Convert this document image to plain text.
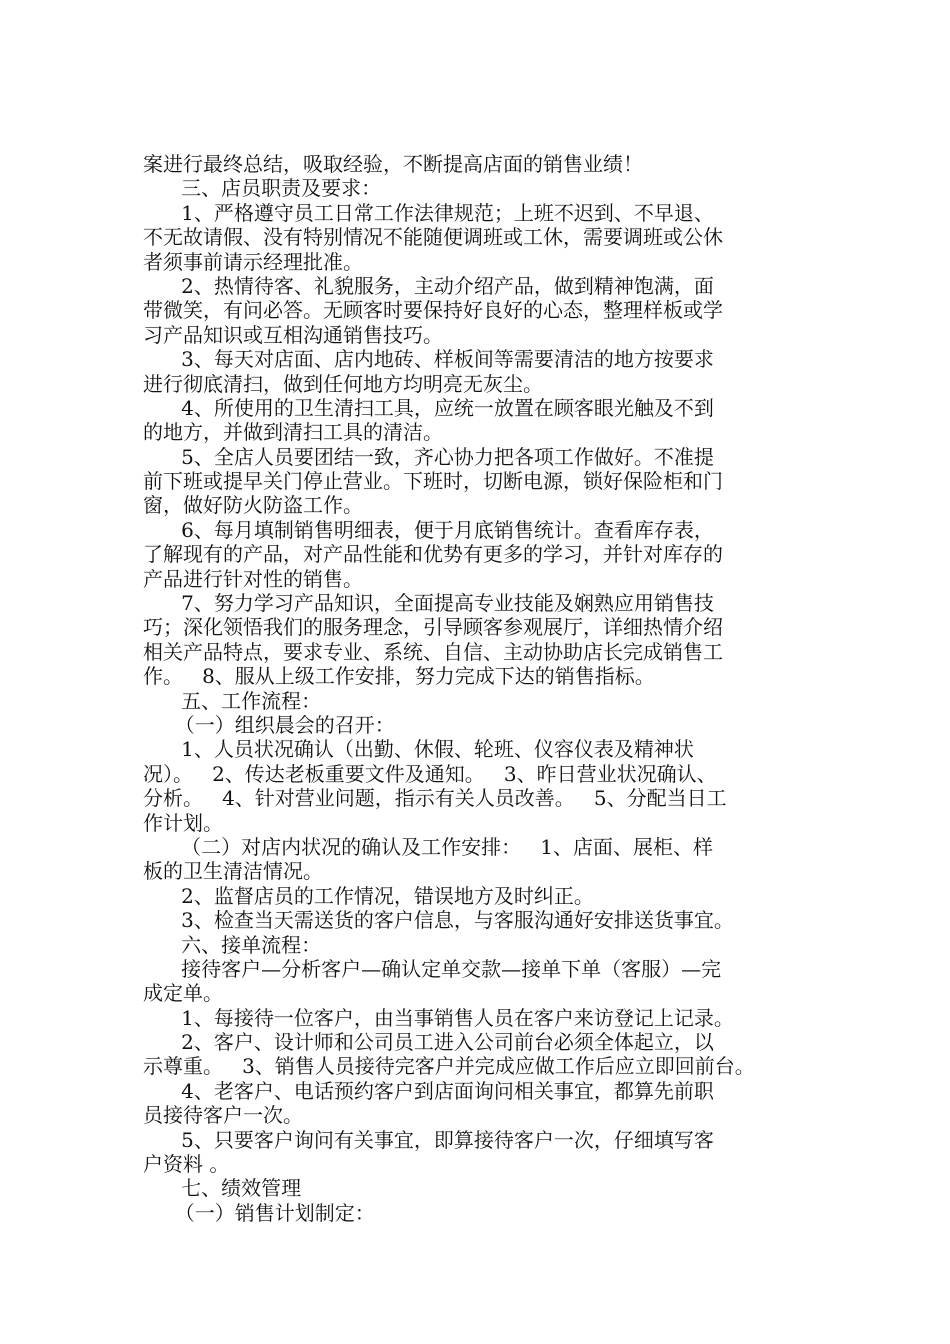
案进行最终总结，吸取经验，不断提高店面的销售业绩！
三、店员职责及要求：
1、严格遵守员工日常工作法律规范；上班不迟到、不早退、
不无故请假、没有特别情况不能随便调班或工休，需要调班或公休
者须事前请示经理批准。
2、热情待客、礼貌服务，主动介绍产品，做到精神饱满，面
带微笑，有问必答。无顾客时要保持好良好的心态，整理样板或学
习产品知识或互相沟通销售技巧。
3、每天对店面、店内地砖、样板间等需要清洁的地方按要求
进行彻底清扫，做到任何地方均明亮无灰尘。
4、所使用的卫生清扫工具，应统一放置在顾客眼光触及不到
的地方，并做到清扫工具的清洁。
5、全店人员要团结一致，齐心协力把各项工作做好。不准提
前下班或提早关门停止营业。下班时，切断电源，锁好保险柜和门
窗，做好防火防盗工作。
6、每月填制销售明细表，便于月底销售统计。查看库存表，
了解现有的产品，对产品性能和优势有更多的学习，并针对库存的
产品进行针对性的销售。
7、努力学习产品知识，全面提高专业技能及娴熟应用销售技
巧；深化领悟我们的服务理念，引导顾客参观展厅，详细热情介绍
相关产品特点，要求专业、系统、自信、主动协助店长完成销售工
作。   8、服从上级工作安排，努力完成下达的销售指标。
五、工作流程：
（一）组织晨会的召开：
1、人员状况确认（出勤、休假、轮班、仪容仪表及精神状
况）。   2、传达老板重要文件及通知。   3、昨日营业状况确认、
分析。   4、针对营业问题，指示有关人员改善。   5、分配当日工
作计划。
（二）对店内状况的确认及工作安排：   1、店面、展柜、样
板的卫生清洁情况。
2、监督店员的工作情况，错误地方及时纠正。
3、检查当天需送货的客户信息，与客服沟通好安排送货事宜。
六、接单流程：
接待客户—分析客户—确认定单交款—接单下单（客服）—完
成定单。
1、每接待一位客户，由当事销售人员在客户来访登记上记录。
2、客户、设计师和公司员工进入公司前台必须全体起立，以
示尊重。   3、销售人员接待完客户并完成应做工作后应立即回前台。
4、老客户、电话预约客户到店面询问相关事宜，都算先前职
员接待客户一次。
5、只要客户询问有关事宜，即算接待客户一次，仔细填写客
户资料 。
七、绩效管理
（一）销售计划制定：
